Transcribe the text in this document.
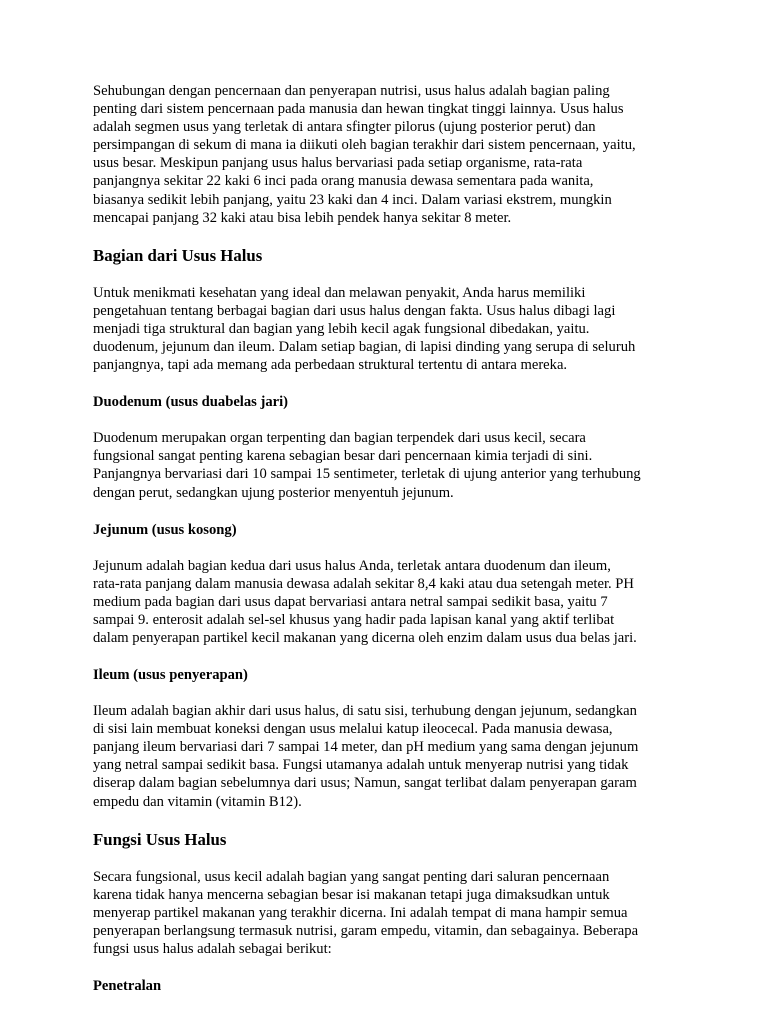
Sehubungan dengan pencernaan dan penyerapan nutrisi, usus halus adalah bagian paling
penting dari sistem pencernaan pada manusia dan hewan tingkat tinggi lainnya. Usus halus
adalah segmen usus yang terletak di antara sfingter pilorus (ujung posterior perut) dan
persimpangan di sekum di mana ia diikuti oleh bagian terakhir dari sistem pencernaan, yaitu,
usus besar. Meskipun panjang usus halus bervariasi pada setiap organisme, rata-rata
panjangnya sekitar 22 kaki 6 inci pada orang manusia dewasa sementara pada wanita,
biasanya sedikit lebih panjang, yaitu 23 kaki dan 4 inci. Dalam variasi ekstrem, mungkin
mencapai panjang 32 kaki atau bisa lebih pendek hanya sekitar 8 meter.

Bagian dari Usus Halus

Untuk menikmati kesehatan yang ideal dan melawan penyakit, Anda harus memiliki
pengetahuan tentang berbagai bagian dari usus halus dengan fakta. Usus halus dibagi lagi
menjadi tiga struktural dan bagian yang lebih kecil agak fungsional dibedakan, yaitu.
duodenum, jejunum dan ileum. Dalam setiap bagian, di lapisi dinding yang serupa di seluruh
panjangnya, tapi ada memang ada perbedaan struktural tertentu di antara mereka.

Duodenum (usus duabelas jari)

Duodenum merupakan organ terpenting dan bagian terpendek dari usus kecil, secara
fungsional sangat penting karena sebagian besar dari pencernaan kimia terjadi di sini.
Panjangnya bervariasi dari 10 sampai 15 sentimeter, terletak di ujung anterior yang terhubung
dengan perut, sedangkan ujung posterior menyentuh jejunum.

Jejunum (usus kosong)

Jejunum adalah bagian kedua dari usus halus Anda, terletak antara duodenum dan ileum,
rata-rata panjang dalam manusia dewasa adalah sekitar 8,4 kaki atau dua setengah meter. PH
medium pada bagian dari usus dapat bervariasi antara netral sampai sedikit basa, yaitu 7
sampai 9. enterosit adalah sel-sel khusus yang hadir pada lapisan kanal yang aktif terlibat
dalam penyerapan partikel kecil makanan yang dicerna oleh enzim dalam usus dua belas jari.

Ileum (usus penyerapan)

Ileum adalah bagian akhir dari usus halus, di satu sisi, terhubung dengan jejunum, sedangkan
di sisi lain membuat koneksi dengan usus melalui katup ileocecal. Pada manusia dewasa,
panjang ileum bervariasi dari 7 sampai 14 meter, dan pH medium yang sama dengan jejunum
yang netral sampai sedikit basa. Fungsi utamanya adalah untuk menyerap nutrisi yang tidak
diserap dalam bagian sebelumnya dari usus; Namun, sangat terlibat dalam penyerapan garam
empedu dan vitamin (vitamin B12).

Fungsi Usus Halus

Secara fungsional, usus kecil adalah bagian yang sangat penting dari saluran pencernaan
karena tidak hanya mencerna sebagian besar isi makanan tetapi juga dimaksudkan untuk
menyerap partikel makanan yang terakhir dicerna. Ini adalah tempat di mana hampir semua
penyerapan berlangsung termasuk nutrisi, garam empedu, vitamin, dan sebagainya. Beberapa
fungsi usus halus adalah sebagai berikut:

Penetralan
